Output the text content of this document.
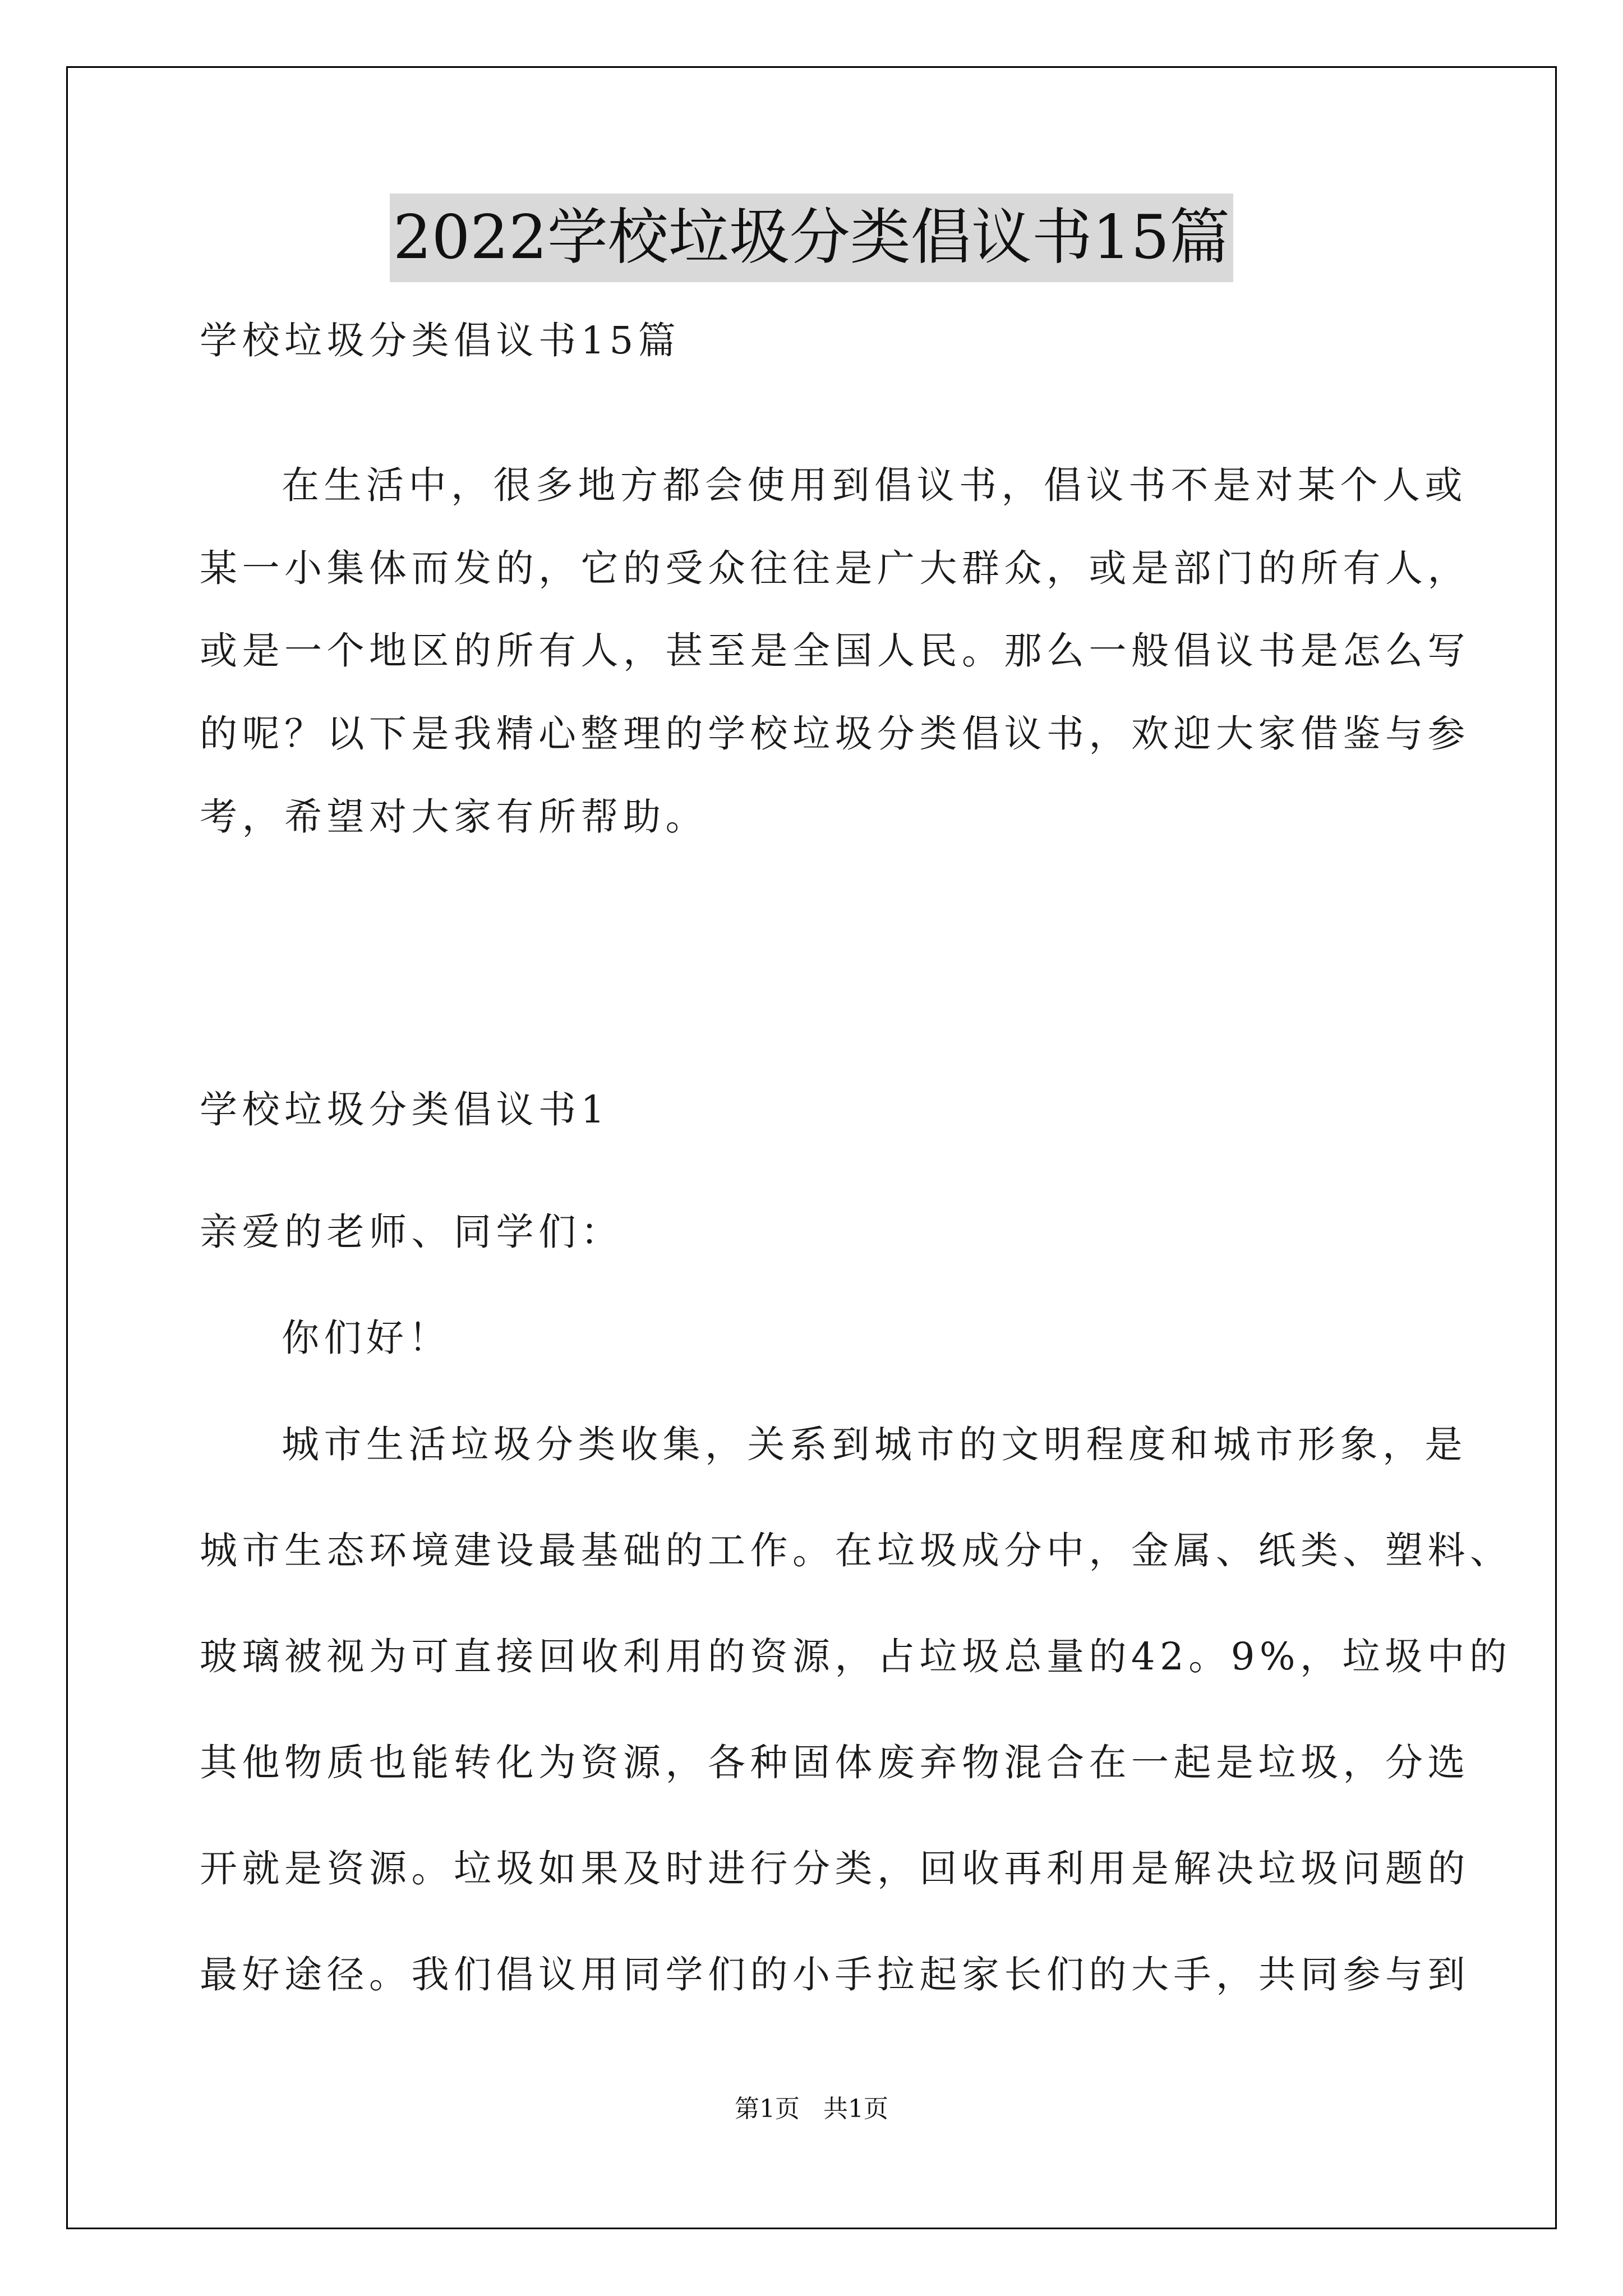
2022学校垃圾分类倡议书15篇
学校垃圾分类倡议书15篇
在生活中，很多地方都会使用到倡议书，倡议书不是对某个人或
某一小集体而发的，它的受众往往是广大群众，或是部门的所有人，
或是一个地区的所有人，甚至是全国人民。那么一般倡议书是怎么写
的呢？以下是我精心整理的学校垃圾分类倡议书，欢迎大家借鉴与参
考，希望对大家有所帮助。
学校垃圾分类倡议书1
亲爱的老师、同学们：
你们好！
城市生活垃圾分类收集，关系到城市的文明程度和城市形象，是
城市生态环境建设最基础的工作。在垃圾成分中，金属、纸类、塑料、
玻璃被视为可直接回收利用的资源，占垃圾总量的42。9%，垃圾中的
其他物质也能转化为资源，各种固体废弃物混合在一起是垃圾，分选
开就是资源。垃圾如果及时进行分类，回收再利用是解决垃圾问题的
最好途径。我们倡议用同学们的小手拉起家长们的大手，共同参与到
第1页   共1页
